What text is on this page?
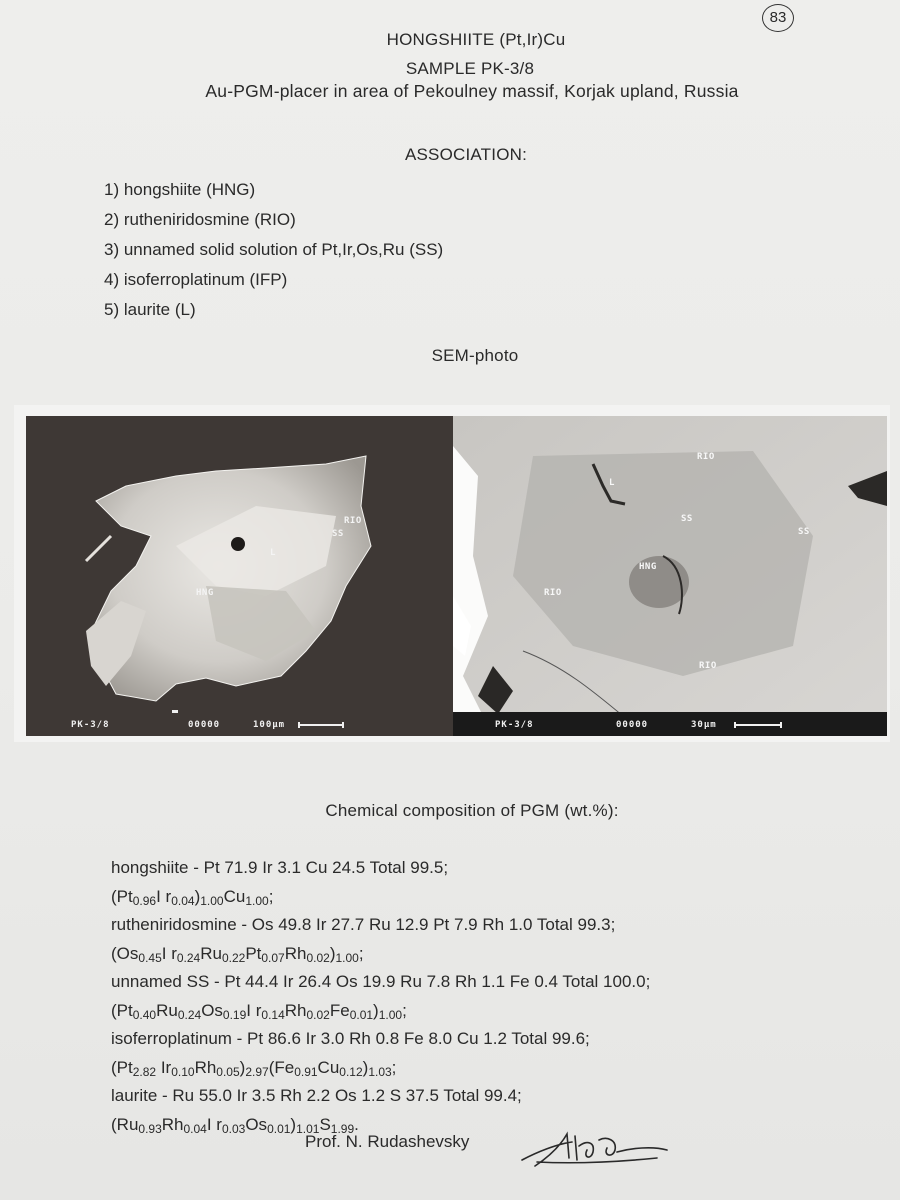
83
HONGSHIITE (Pt,Ir)Cu
SAMPLE PK-3/8
Au-PGM-placer in area of Pekoulney massif, Korjak upland, Russia
ASSOCIATION:
1) hongshiite (HNG)
2) rutheniridosmine (RIO)
3) unnamed solid solution of Pt,Ir,Os,Ru (SS)
4) isoferroplatinum (IFP)
5) laurite (L)
SEM-photo
RIO
SS
HNG
L
PK-3/8	00000	100μm
RIO
SS
SS
HNG
RIO
RIO
L
PK-3/8	00000	30μm
Chemical composition of PGM (wt.%):
hongshiite - Pt 71.9 Ir 3.1 Cu 24.5 Total 99.5;
($Pt_{0.96}I$ $r_{0.04})_{1.00}Cu_{1.00}$;
rutheniridosmine - Os 49.8 Ir 27.7 Ru 12.9 Pt 7.9 Rh 1.0 Total 99.3;
($Os_{0.45}I$ $r_{0.24}Ru_{0.22}Pt_{0.07}Rh_{0.02})_{1.00}$;
unnamed SS - Pt 44.4 Ir 26.4 Os 19.9 Ru 7.8 Rh 1.1 Fe 0.4 Total 100.0;
($Pt_{0.40}Ru_{0.24}Os_{0.19}I$ $r_{0.14}Rh_{0.02}Fe_{0.01})_{1.00}$;
isoferroplatinum - Pt 86.6 Ir 3.0 Rh 0.8 Fe 8.0 Cu 1.2 Total 99.6;
($Pt_{2.82}$ $Ir_{0.10}Rh_{0.05})_{2.97}(Fe_{0.91}Cu_{0.12})_{1.03}$;
laurite - Ru 55.0 Ir 3.5 Rh 2.2 Os 1.2 S 37.5 Total 99.4;
($Ru_{0.93}Rh_{0.04}I$ $r_{0.03}Os_{0.01})_{1.01}S_{1.99}$.
Prof. N. Rudashevsky
